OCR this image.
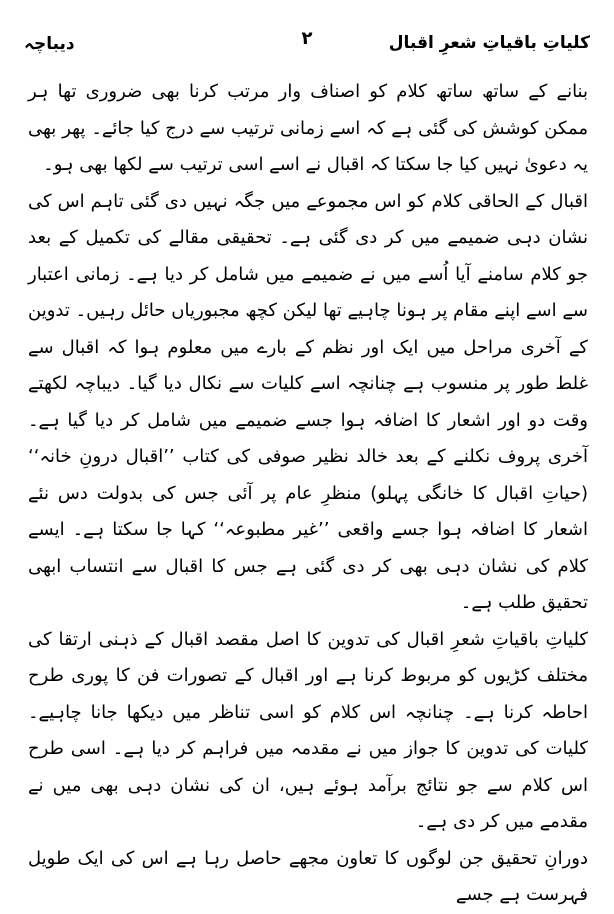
کلیاتِ باقیاتِ شعرِ اقبال
۲
دیباچہ

بنانے کے ساتھ ساتھ کلام کو اصناف وار مرتب کرنا بھی ضروری تھا ہر ممکن کوشش کی گئی ہے کہ اسے زمانی ترتیب سے درج کیا جائے۔ پھر بھی یہ دعویٰ نہیں کیا جا سکتا کہ اقبال نے اسے اسی ترتیب سے لکھا بھی ہو۔

اقبال کے الحاقی کلام کو اس مجموعے میں جگہ نہیں دی گئی تاہم اس کی نشان دہی ضمیمے میں کر دی گئی ہے۔ تحقیقی مقالے کی تکمیل کے بعد جو کلام سامنے آیا اُسے میں نے ضمیمے میں شامل کر دیا ہے۔ زمانی اعتبار سے اسے اپنے مقام پر ہونا چاہیے تھا لیکن کچھ مجبوریاں حائل رہیں۔ تدوین کے آخری مراحل میں ایک اور نظم کے بارے میں معلوم ہوا کہ اقبال سے غلط طور پر منسوب ہے چنانچہ اسے کلیات سے نکال دیا گیا۔ دیباچہ لکھتے وقت دو اور اشعار کا اضافہ ہوا جسے ضمیمے میں شامل کر دیا گیا ہے۔ آخری پروف نکلنے کے بعد خالد نظیر صوفی کی کتاب ’’اقبال درونِ خانہ‘‘ (حیاتِ اقبال کا خانگی پہلو) منظرِ عام پر آئی جس کی بدولت دس نئے اشعار کا اضافہ ہوا جسے واقعی ’’غیر مطبوعہ‘‘ کہا جا سکتا ہے۔ ایسے کلام کی نشان دہی بھی کر دی گئی ہے جس کا اقبال سے انتساب ابھی تحقیق طلب ہے۔

کلیاتِ باقیاتِ شعرِ اقبال کی تدوین کا اصل مقصد اقبال کے ذہنی ارتقا کی مختلف کڑیوں کو مربوط کرنا ہے اور اقبال کے تصورات فن کا پوری طرح احاطہ کرنا ہے۔ چنانچہ اس کلام کو اسی تناظر میں دیکھا جانا چاہیے۔ کلیات کی تدوین کا جواز میں نے مقدمہ میں فراہم کر دیا ہے۔ اسی طرح اس کلام سے جو نتائج برآمد ہوئے ہیں، ان کی نشان دہی بھی میں نے مقدمے میں کر دی ہے۔

دورانِ تحقیق جن لوگوں کا تعاون مجھے حاصل رہا ہے اس کی ایک طویل فہرست ہے جسے
